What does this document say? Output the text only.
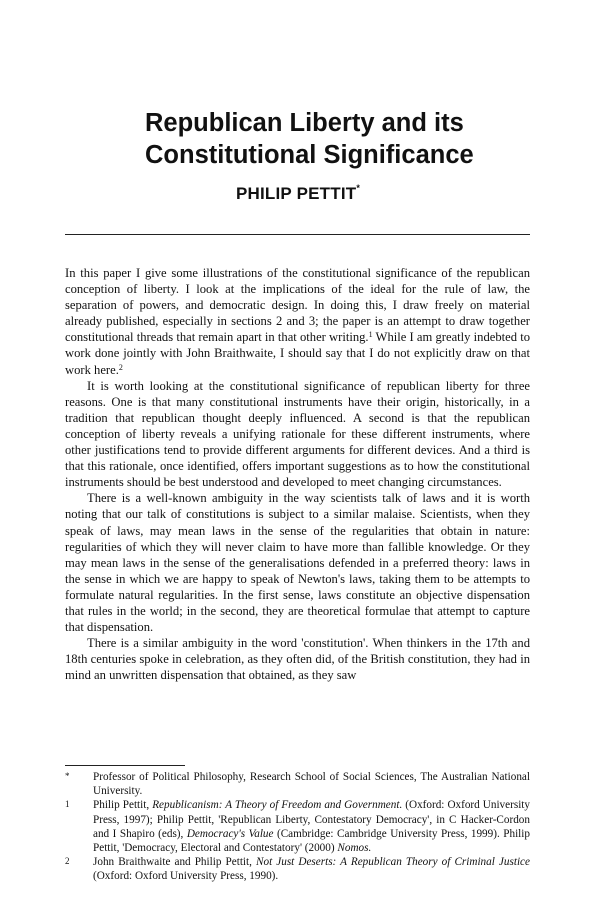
Republican Liberty and its
Constitutional Significance
PHILIP PETTIT*

In this paper I give some illustrations of the constitutional significance of the republican conception of liberty. I look at the implications of the ideal for the rule of law, the separation of powers, and democratic design. In doing this, I draw freely on material already published, especially in sections 2 and 3; the paper is an attempt to draw together constitutional threads that remain apart in that other writing.$^1$ While I am greatly indebted to work done jointly with John Braithwaite, I should say that I do not explicitly draw on that work here.$^2$

It is worth looking at the constitutional significance of republican liberty for three reasons. One is that many constitutional instruments have their origin, historically, in a tradition that republican thought deeply influenced. A second is that the republican conception of liberty reveals a unifying rationale for these different instruments, where other justifications tend to provide different arguments for different devices. And a third is that this rationale, once identified, offers important suggestions as to how the constitutional instruments should be best understood and developed to meet changing circumstances.

There is a well-known ambiguity in the way scientists talk of laws and it is worth noting that our talk of constitutions is subject to a similar malaise. Scientists, when they speak of laws, may mean laws in the sense of the regularities that obtain in nature: regularities of which they will never claim to have more than fallible knowledge. Or they may mean laws in the sense of the generalisations defended in a preferred theory: laws in the sense in which we are happy to speak of Newton's laws, taking them to be attempts to formulate natural regularities. In the first sense, laws constitute an objective dispensation that rules in the world; in the second, they are theoretical formulae that attempt to capture that dispensation.

There is a similar ambiguity in the word 'constitution'. When thinkers in the 17th and 18th centuries spoke in celebration, as they often did, of the British constitution, they had in mind an unwritten dispensation that obtained, as they saw

*	Professor of Political Philosophy, Research School of Social Sciences, The Australian National University.
1	Philip Pettit, Republicanism: A Theory of Freedom and Government. (Oxford: Oxford University Press, 1997); Philip Pettit, 'Republican Liberty, Contestatory Democracy', in C Hacker-Cordon and I Shapiro (eds), Democracy's Value (Cambridge: Cambridge University Press, 1999). Philip Pettit, 'Democracy, Electoral and Contestatory' (2000) Nomos.
2	John Braithwaite and Philip Pettit, Not Just Deserts: A Republican Theory of Criminal Justice (Oxford: Oxford University Press, 1990).
